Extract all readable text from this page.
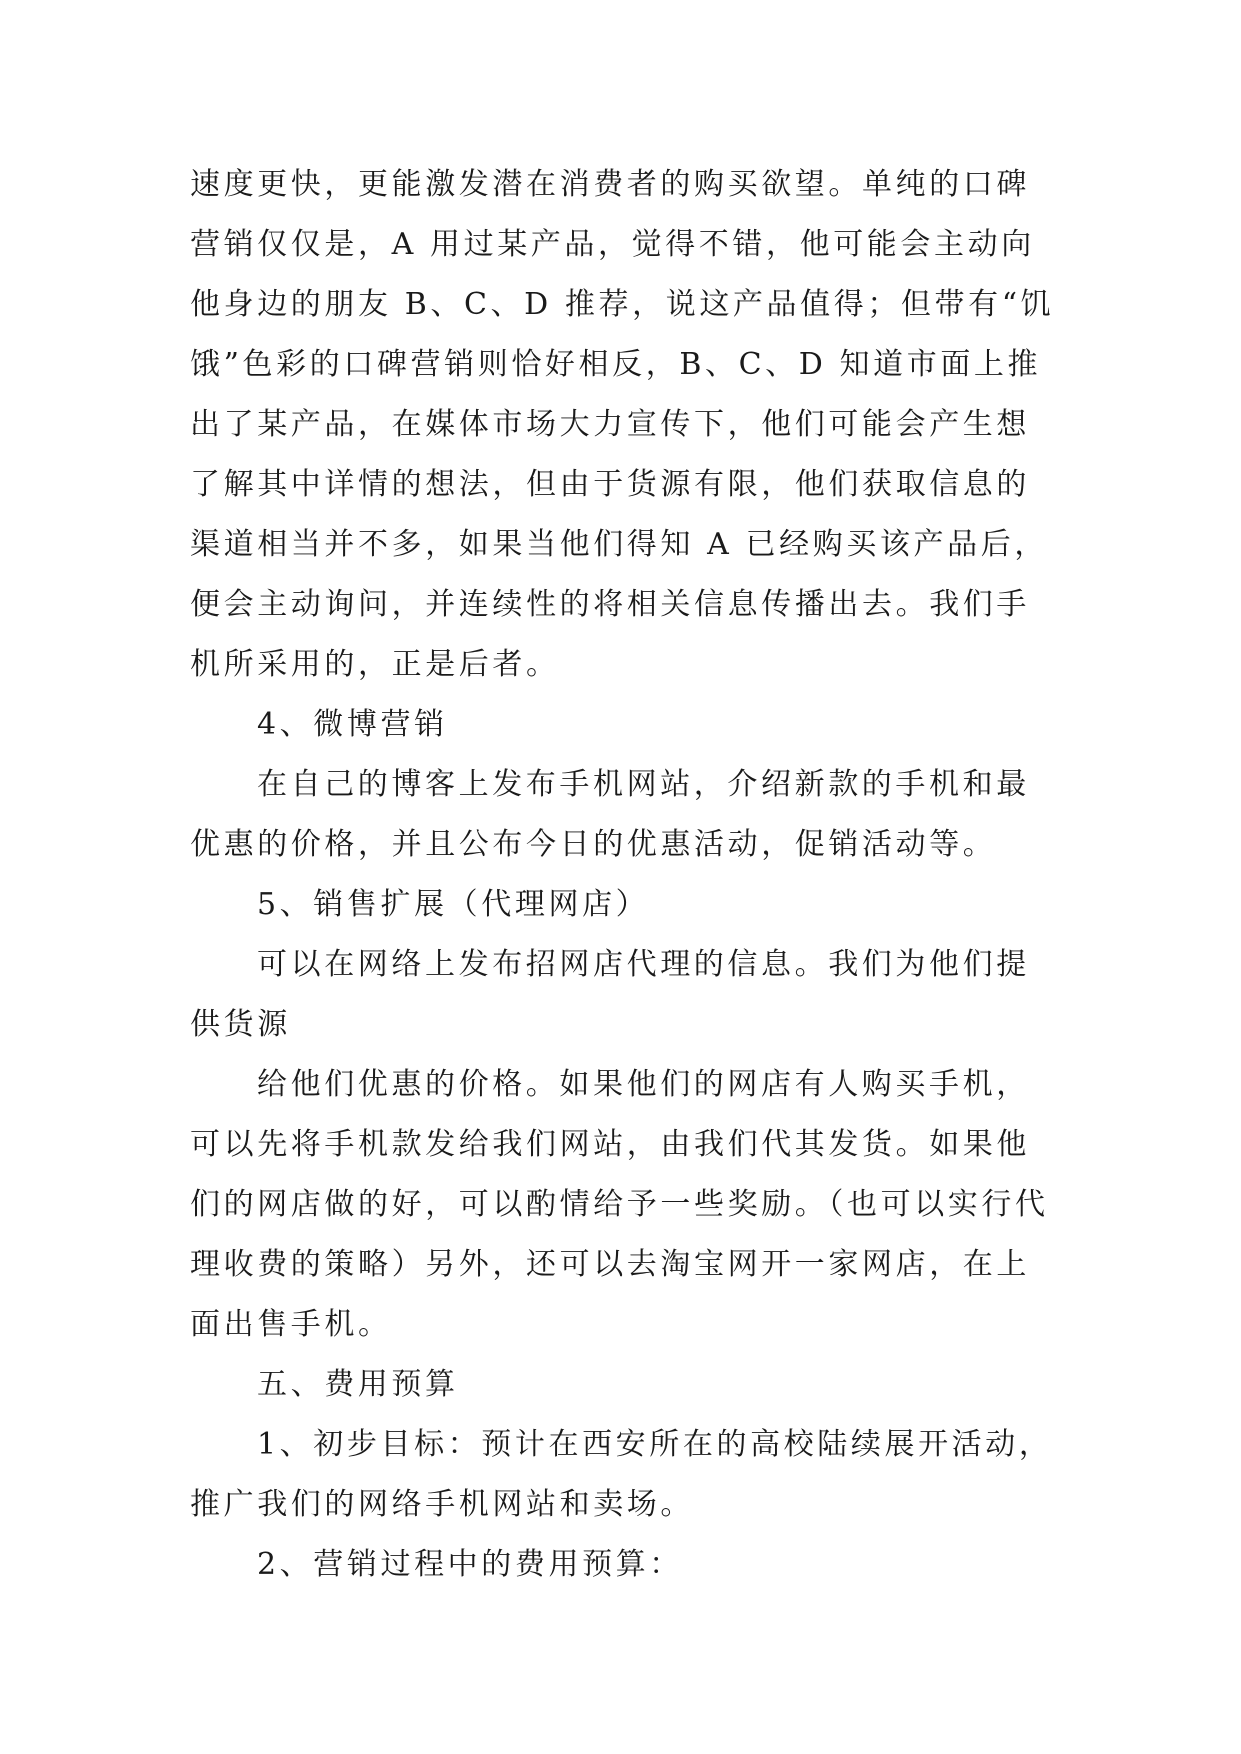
速度更快，更能激发潜在消费者的购买欲望。单纯的口碑营销仅仅是，A 用过某产品，觉得不错，他可能会主动向他身边的朋友 B、C、D 推荐，说这产品值得；但带有“饥饿”色彩的口碑营销则恰好相反，B、C、D 知道市面上推出了某产品，在媒体市场大力宣传下，他们可能会产生想了解其中详情的想法，但由于货源有限，他们获取信息的渠道相当并不多，如果当他们得知 A 已经购买该产品后，便会主动询问，并连续性的将相关信息传播出去。我们手机所采用的，正是后者。

4、微博营销

在自己的博客上发布手机网站，介绍新款的手机和最优惠的价格，并且公布今日的优惠活动，促销活动等。

5、销售扩展（代理网店）

可以在网络上发布招网店代理的信息。我们为他们提供货源

给他们优惠的价格。如果他们的网店有人购买手机，可以先将手机款发给我们网站，由我们代其发货。如果他们的网店做的好，可以酌情给予一些奖励。（也可以实行代理收费的策略）另外，还可以去淘宝网开一家网店，在上面出售手机。

五、费用预算

1、初步目标：预计在西安所在的高校陆续展开活动，推广我们的网络手机网站和卖场。

2、营销过程中的费用预算：
